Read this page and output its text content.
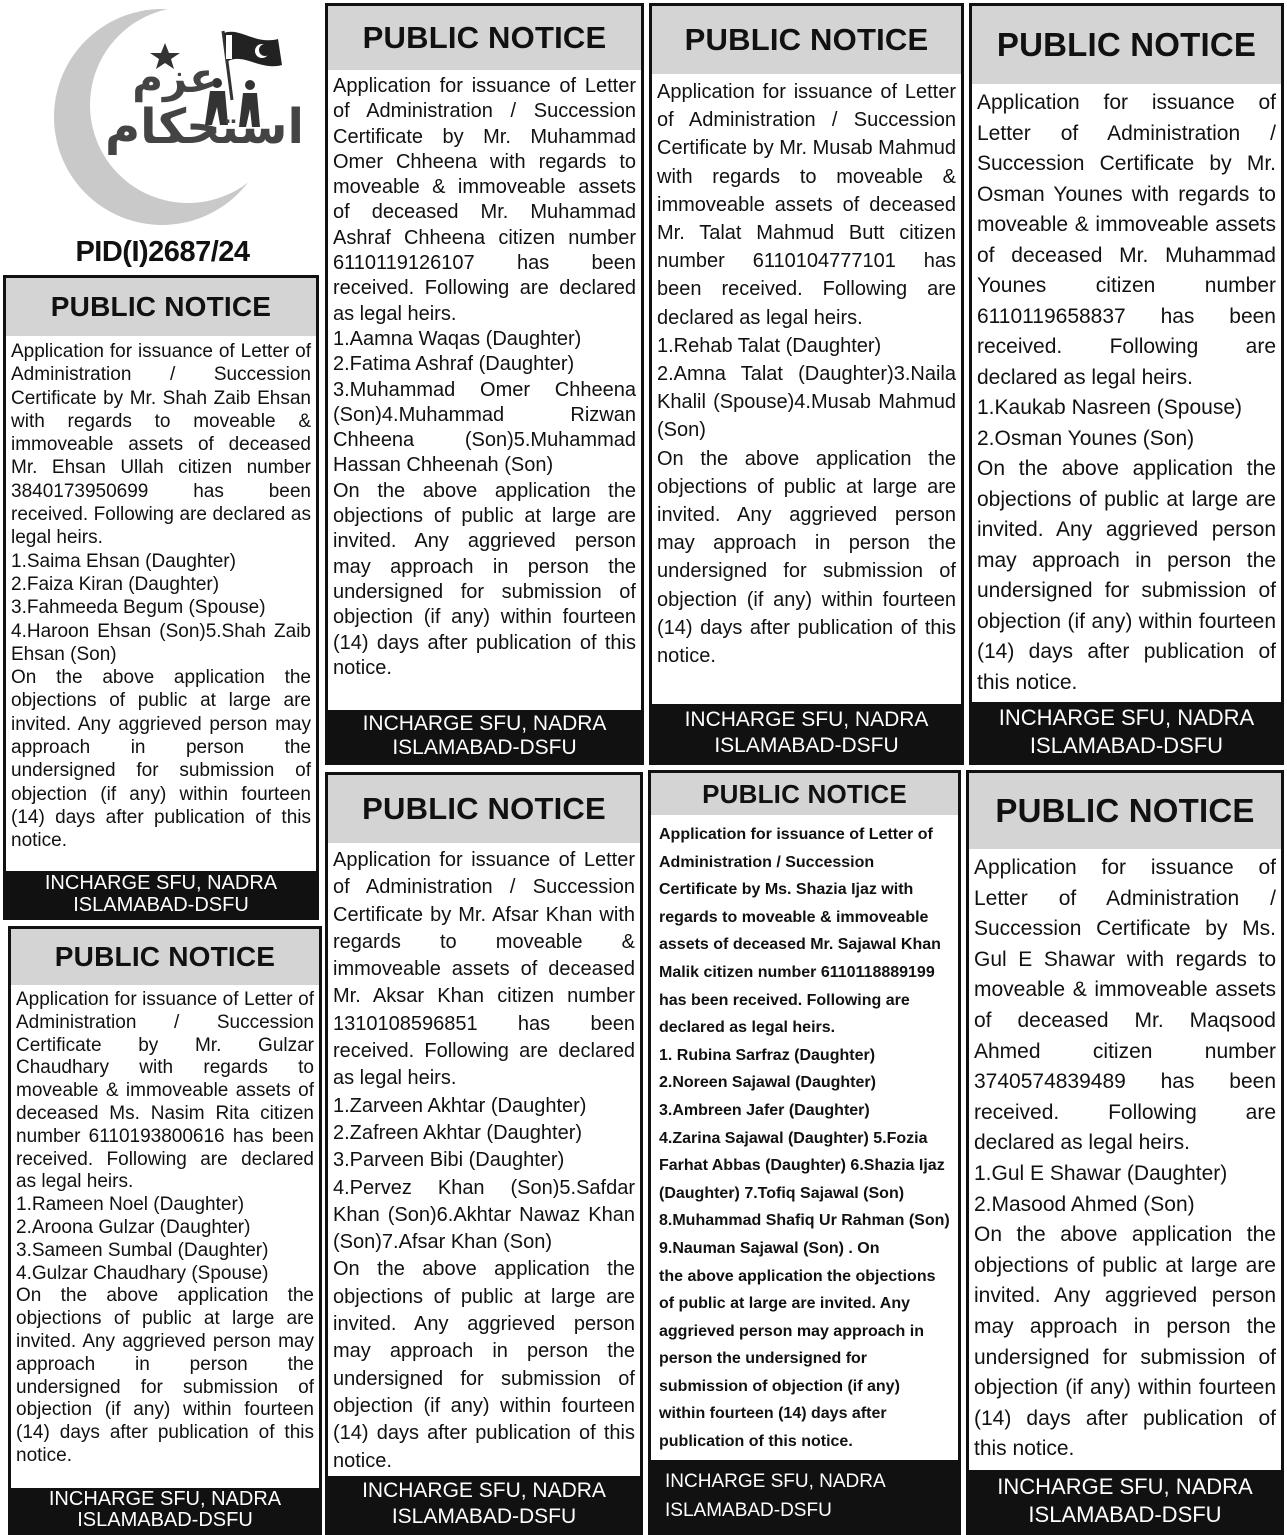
عزم
استحکام
PID(I)2687/24
PUBLIC NOTICE

Application for issuance of Letter of Administration / Succession Certificate by Mr. Shah Zaib Ehsan with regards to moveable & immoveable assets of deceased Mr. Ehsan Ullah citizen number 3840173950699 has been received. Following are declared as legal heirs.

1.Saima Ehsan (Daughter)

2.Faiza Kiran (Daughter)

3.Fahmeeda Begum (Spouse)

4.Haroon Ehsan (Son)5.Shah Zaib Ehsan (Son)

On the above application the objections of public at large are invited. Any aggrieved person may approach in person the undersigned for submission of objection (if any) within fourteen (14) days after publication of this notice.

INCHARGE SFU, NADRA
ISLAMABAD-DSFU
PUBLIC NOTICE

Application for issuance of Letter of Administration / Succession Certificate by Mr. Gulzar Chaudhary with regards to moveable & immoveable assets of deceased Ms. Nasim Rita citizen number 6110193800616 has been received. Following are declared as legal heirs.

1.Rameen Noel (Daughter)

2.Aroona Gulzar (Daughter)

3.Sameen Sumbal (Daughter)

4.Gulzar Chaudhary (Spouse)

On the above application the objections of public at large are invited. Any aggrieved person may approach in person the undersigned for submission of objection (if any) within fourteen (14) days after publication of this notice.

INCHARGE SFU, NADRA
ISLAMABAD-DSFU
PUBLIC NOTICE

Application for issuance of Letter of Administration / Succession Certificate by Mr. Muhammad Omer Chheena with regards to moveable & immoveable assets of deceased Mr. Muhammad Ashraf Chheena citizen number 6110119126107 has been received. Following are declared as legal heirs.

1.Aamna Waqas (Daughter)

2.Fatima Ashraf (Daughter)

3.Muhammad Omer Chheena (Son)4.Muhammad Rizwan Chheena (Son)5.Muhammad Hassan Chheenah (Son)

On the above application the objections of public at large are invited. Any aggrieved person may approach in person the undersigned for submission of objection (if any) within fourteen (14) days after publication of this notice.

INCHARGE SFU, NADRA
ISLAMABAD-DSFU
PUBLIC NOTICE

Application for issuance of Letter of Administration / Succession Certificate by Mr. Afsar Khan with regards to moveable & immoveable assets of deceased Mr. Aksar Khan citizen number 1310108596851 has been received. Following are declared as legal heirs.

1.Zarveen Akhtar (Daughter)

2.Zafreen Akhtar (Daughter)

3.Parveen Bibi (Daughter)

4.Pervez Khan (Son)5.Safdar Khan (Son)6.Akhtar Nawaz Khan (Son)7.Afsar Khan (Son)

On the above application the objections of public at large are invited. Any aggrieved person may approach in person the undersigned for submission of objection (if any) within fourteen (14) days after publication of this notice.

INCHARGE SFU, NADRA
ISLAMABAD-DSFU
PUBLIC NOTICE

Application for issuance of Letter of Administration / Succession Certificate by Mr. Musab Mahmud with regards to moveable & immoveable assets of deceased Mr. Talat Mahmud Butt citizen number 6110104777101 has been received. Following are declared as legal heirs.

1.Rehab Talat (Daughter)

2.Amna Talat (Daughter)3.Naila Khalil (Spouse)4.Musab Mahmud (Son)

On the above application the objections of public at large are invited. Any aggrieved person may approach in person the undersigned for submission of objection (if any) within fourteen (14) days after publication of this notice.

INCHARGE SFU, NADRA
ISLAMABAD-DSFU
PUBLIC NOTICE

Application for issuance of Letter of Administration / Succession Certificate by Ms. Shazia Ijaz with regards to moveable & immoveable assets of deceased Mr. Sajawal Khan Malik citizen number 6110118889199 has been received. Following are declared as legal heirs.

1. Rubina Sarfraz (Daughter)

2.Noreen Sajawal (Daughter)

3.Ambreen Jafer (Daughter)

4.Zarina Sajawal (Daughter) 5.Fozia Farhat Abbas (Daughter) 6.Shazia Ijaz (Daughter) 7.Tofiq Sajawal (Son)

8.Muhammad Shafiq Ur Rahman (Son) 9.Nauman Sajawal (Son) . On

the above application the objections of public at large are invited. Any aggrieved person may approach in person the undersigned for submission of objection (if any) within fourteen (14) days after publication of this notice.

INCHARGE SFU, NADRA
ISLAMABAD-DSFU
PUBLIC NOTICE

Application for issuance of Letter of Administration / Succession Certificate by Mr. Osman Younes with regards to moveable & immoveable assets of deceased Mr. Muhammad Younes citizen number 6110119658837 has been received. Following are declared as legal heirs.

1.Kaukab Nasreen (Spouse)

2.Osman Younes (Son)

On the above application the objections of public at large are invited. Any aggrieved person may approach in person the undersigned for submission of objection (if any) within fourteen (14) days after publication of this notice.

INCHARGE SFU, NADRA
ISLAMABAD-DSFU
PUBLIC NOTICE

Application for issuance of Letter of Administration / Succession Certificate by Ms. Gul E Shawar with regards to moveable & immoveable assets of deceased Mr. Maqsood Ahmed citizen number 3740574839489 has been received. Following are declared as legal heirs.

1.Gul E Shawar (Daughter)

2.Masood Ahmed (Son)

On the above application the objections of public at large are invited. Any aggrieved person may approach in person the undersigned for submission of objection (if any) within fourteen (14) days after publication of this notice.

INCHARGE SFU, NADRA
ISLAMABAD-DSFU
